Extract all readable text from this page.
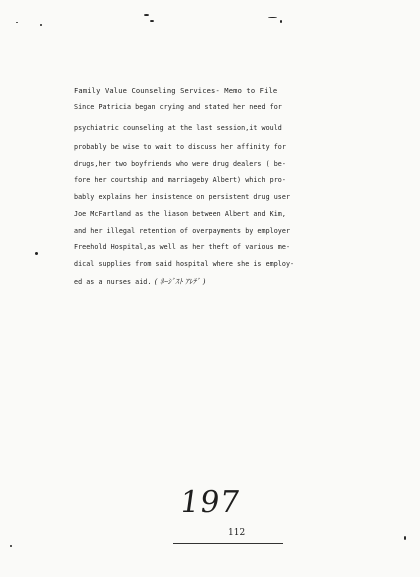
Family Value Counseling Services- Memo to File
Since Patricia began crying and stated her need for
psychiatric counseling at the last session,it would
probably be wise to wait to discuss her affinity for
drugs,her two boyfriends who were drug dealers ( be-
fore her courtship and marriageby Albert) which pro-
bably explains her insistence on persistent drug user
Joe McFartland as the liason between Albert and Kim,
and her illegal retention of overpayments by employer
Freehold Hospital,as well as her theft of various me-
dical supplies from said hospital where she is employ-
ed as a nurses aid. ( ﾈｰｼﾞｽﾄ ｱﾚﾃﾞ )
197
112
